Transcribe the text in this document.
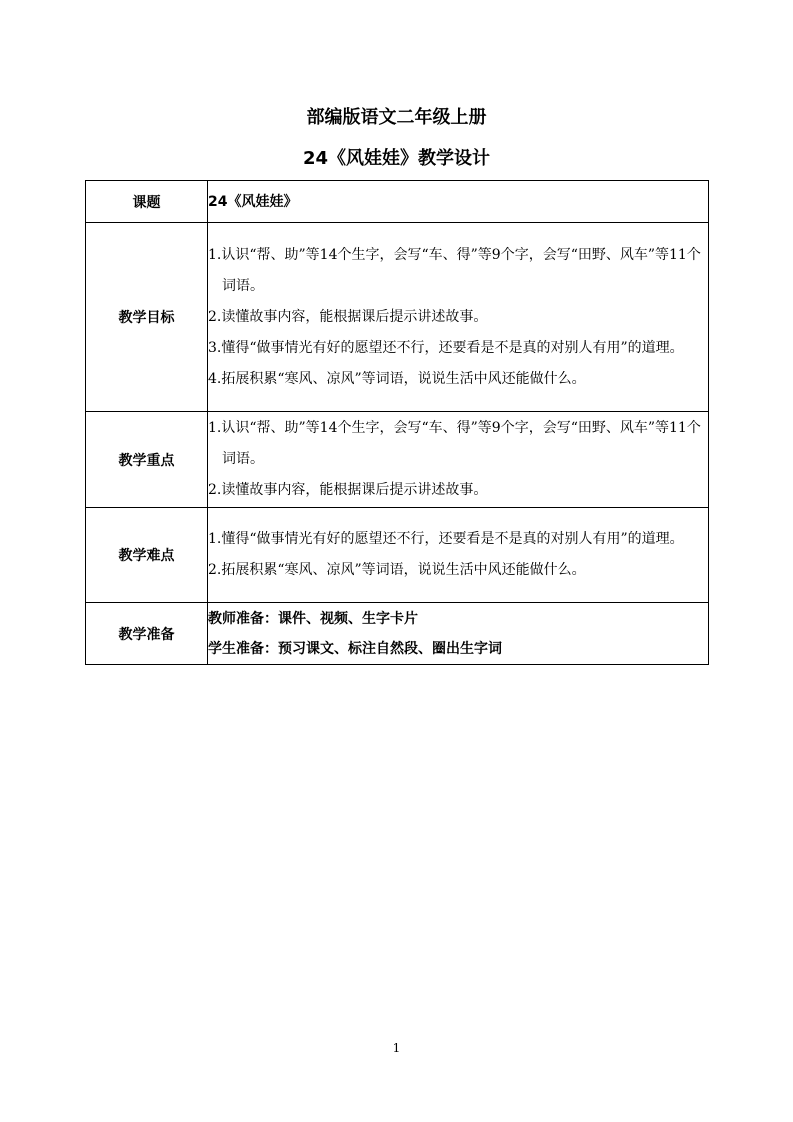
部编版语文二年级上册
24《风娃娃》教学设计
课题	24《风娃娃》

教学目标	1.认识“帮、助”等14个生字，会写“车、得”等9个字，会写“田野、风车”等11个词语。
2.读懂故事内容，能根据课后提示讲述故事。
3.懂得“做事情光有好的愿望还不行，还要看是不是真的对别人有用”的道理。
4.拓展积累“寒风、凉风”等词语，说说生活中风还能做什么。

教学重点	1.认识“帮、助”等14个生字，会写“车、得”等9个字，会写“田野、风车”等11个词语。
2.读懂故事内容，能根据课后提示讲述故事。

教学难点	1.懂得“做事情光有好的愿望还不行，还要看是不是真的对别人有用”的道理。
2.拓展积累“寒风、凉风”等词语，说说生活中风还能做什么。

教学准备	教师准备：课件、视频、生字卡片
学生准备：预习课文、标注自然段、圈出生字词
1
